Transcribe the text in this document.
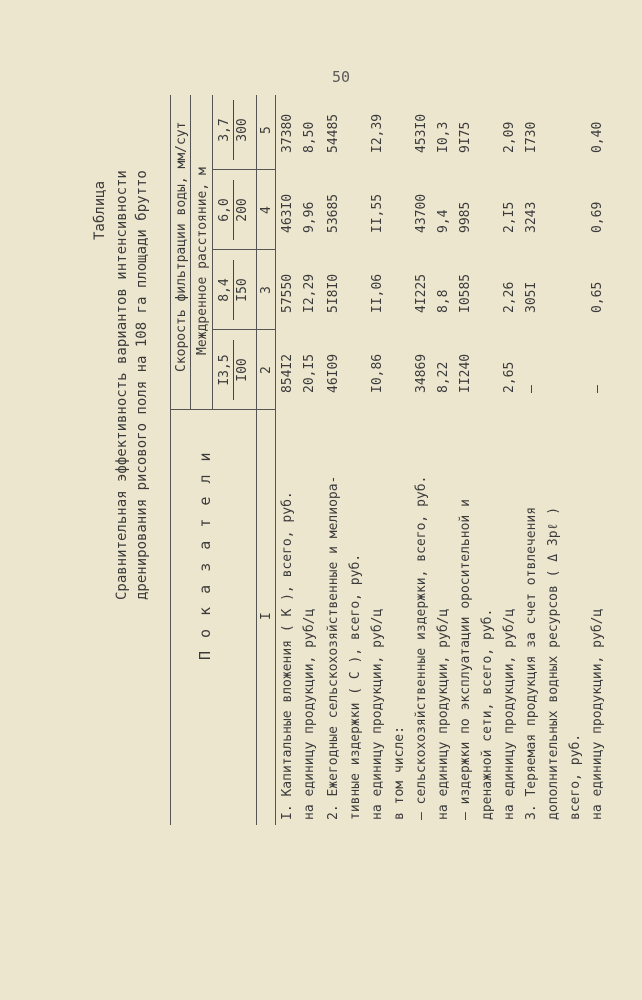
50
Таблица Сравнительная эффективность вариантов интенсивности дренирования рисового поля на 108 га площади брутто	П о к а з а т е л и
Скорость фильтрации воды, мм/сут Междренное расстояние, м
I3,5 I00
8,4 I50
6,0 200
3,7 300
I
2
3
4
5
I. Капитальные вложения ( K ), всего, руб.
854I2
57550
463I0
37380
на единицу продукции, руб/ц
20,I5
I2,29
9,96
8,50
2. Ежегодные сельскохозяйственные и мелиора-
46I09
5I8I0
53685
54485
тивные издержки ( C ), всего, руб. на единицу продукции, руб/ц
I0,86
II,06
II,55
I2,39
в том числе: – сельскохозяйственные издержки, всего, руб.
34869
4I225
43700
453I0
на единицу продукции, руб/ц
8,22
8,8
9,4
I0,3
– издержки по эксплуатации оросительной и
II240
I0585
9985
9I75
дренажной сети, всего, руб. на единицу продукции, руб/ц
2,65
2,26
2,I5
2,09
3. Теряемая продукция за счет отвлечения
–
305I
3243
I730
дополнительных водных ресурсов ( Δ Зрℓ ) всего, руб. на единицу продукции, руб/ц
–
0,65
0,69
0,40
